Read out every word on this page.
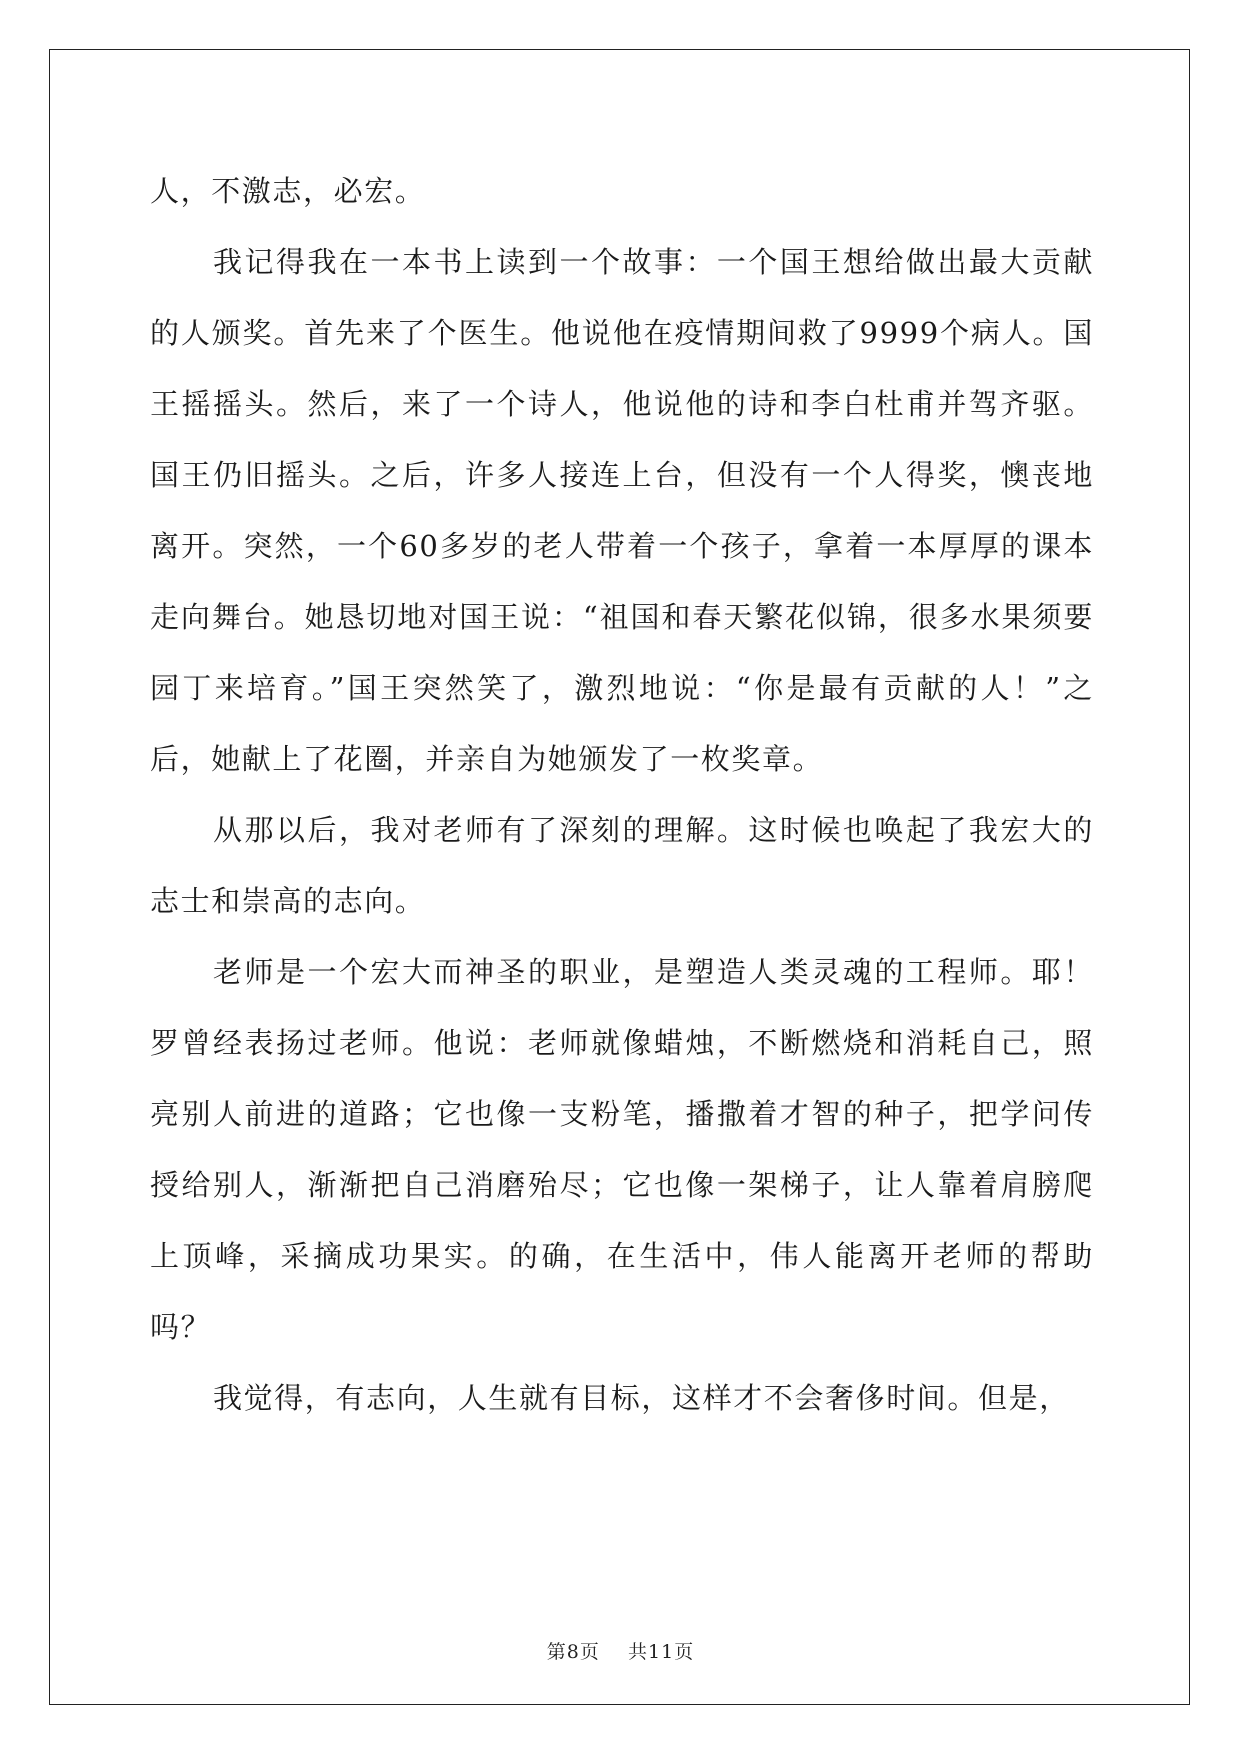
人，不激志，必宏。

我记得我在一本书上读到一个故事：一个国王想给做出最大贡献的人颁奖。首先来了个医生。他说他在疫情期间救了9999个病人。国王摇摇头。然后，来了一个诗人，他说他的诗和李白杜甫并驾齐驱。国王仍旧摇头。之后，许多人接连上台，但没有一个人得奖，懊丧地离开。突然，一个60多岁的老人带着一个孩子，拿着一本厚厚的课本走向舞台。她恳切地对国王说：“祖国和春天繁花似锦，很多水果须要园丁来培育。”国王突然笑了，激烈地说：“你是最有贡献的人！”之后，她献上了花圈，并亲自为她颁发了一枚奖章。

从那以后，我对老师有了深刻的理解。这时候也唤起了我宏大的志士和崇高的志向。

老师是一个宏大而神圣的职业，是塑造人类灵魂的工程师。耶！罗曾经表扬过老师。他说：老师就像蜡烛，不断燃烧和消耗自己，照亮别人前进的道路；它也像一支粉笔，播撒着才智的种子，把学问传授给别人，渐渐把自己消磨殆尽；它也像一架梯子，让人靠着肩膀爬上顶峰，采摘成功果实。的确，在生活中，伟人能离开老师的帮助吗？

我觉得，有志向，人生就有目标，这样才不会奢侈时间。但是，

第8页 共11页
